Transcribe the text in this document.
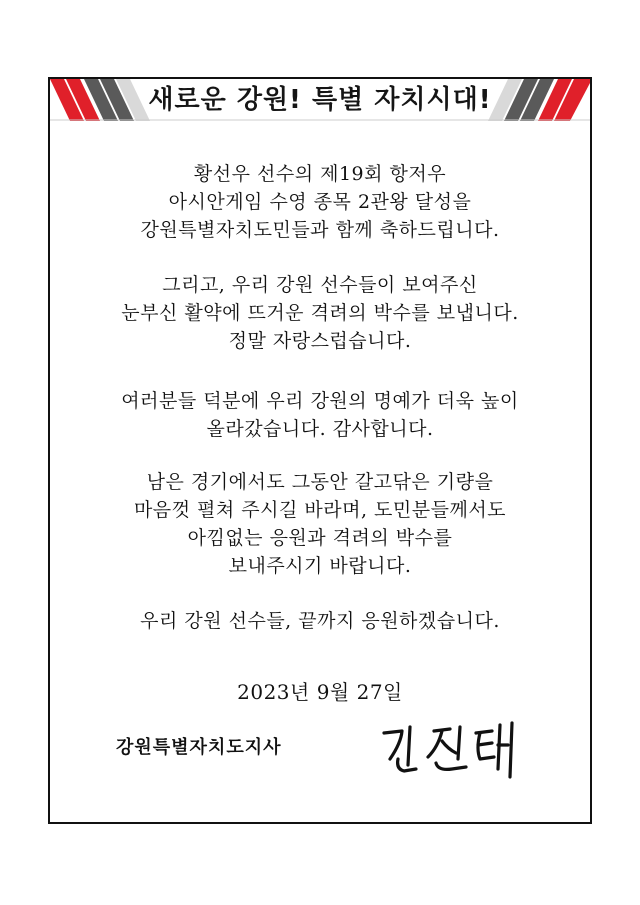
새로운 강원! 특별 자치시대!
황선우 선수의 제19회 항저우
아시안게임 수영 종목 2관왕 달성을
강원특별자치도민들과 함께 축하드립니다.
그리고, 우리 강원 선수들이 보여주신
눈부신 활약에 뜨거운 격려의 박수를 보냅니다.
정말 자랑스럽습니다.
여러분들 덕분에 우리 강원의 명예가 더욱 높이
올라갔습니다. 감사합니다.
남은 경기에서도 그동안 갈고닦은 기량을
마음껏 펼쳐 주시길 바라며, 도민분들께서도
아낌없는 응원과 격려의 박수를
보내주시기 바랍니다.
우리 강원 선수들, 끝까지 응원하겠습니다.
2023년 9월 27일
강원특별자치도지사
